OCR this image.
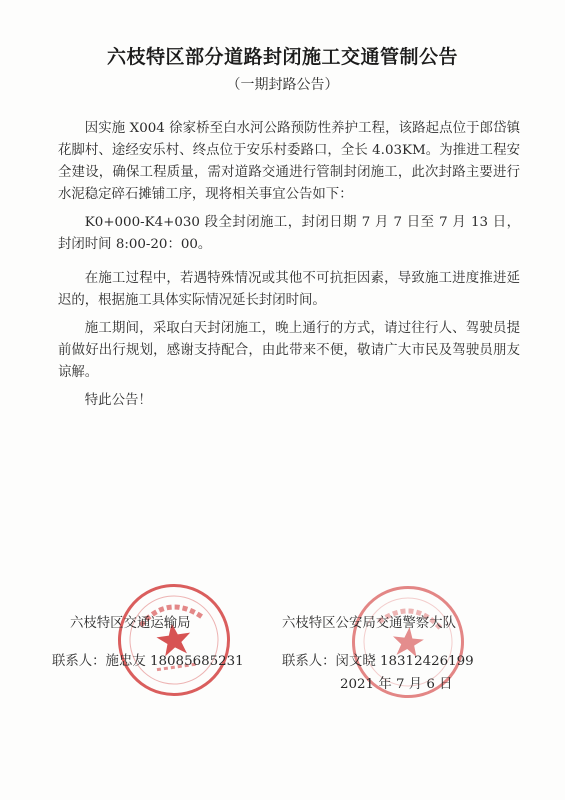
六枝特区部分道路封闭施工交通管制公告
（一期封路公告）

因实施 X004 徐家桥至白水河公路预防性养护工程，该路起点位于郎岱镇花脚村、途经安乐村、终点位于安乐村委路口，全长 4.03KM。为推进工程安全建设，确保工程质量，需对道路交通进行管制封闭施工，此次封路主要进行水泥稳定碎石摊铺工序，现将相关事宜公告如下：

K0+000-K4+030 段全封闭施工，封闭日期 7 月 7 日至 7 月 13 日，封闭时间 8:00-20：00。

在施工过程中，若遇特殊情况或其他不可抗拒因素，导致施工进度推进延迟的，根据施工具体实际情况延长封闭时间。

施工期间，采取白天封闭施工，晚上通行的方式，请过往行人、驾驶员提前做好出行规划，感谢支持配合，由此带来不便，敬请广大市民及驾驶员朋友谅解。

特此公告！

六枝特区交通运输局
联系人：施忠友 18085685231
六枝特区公安局交通警察大队
联系人：闵文晓 18312426199
2021 年 7 月 6 日
